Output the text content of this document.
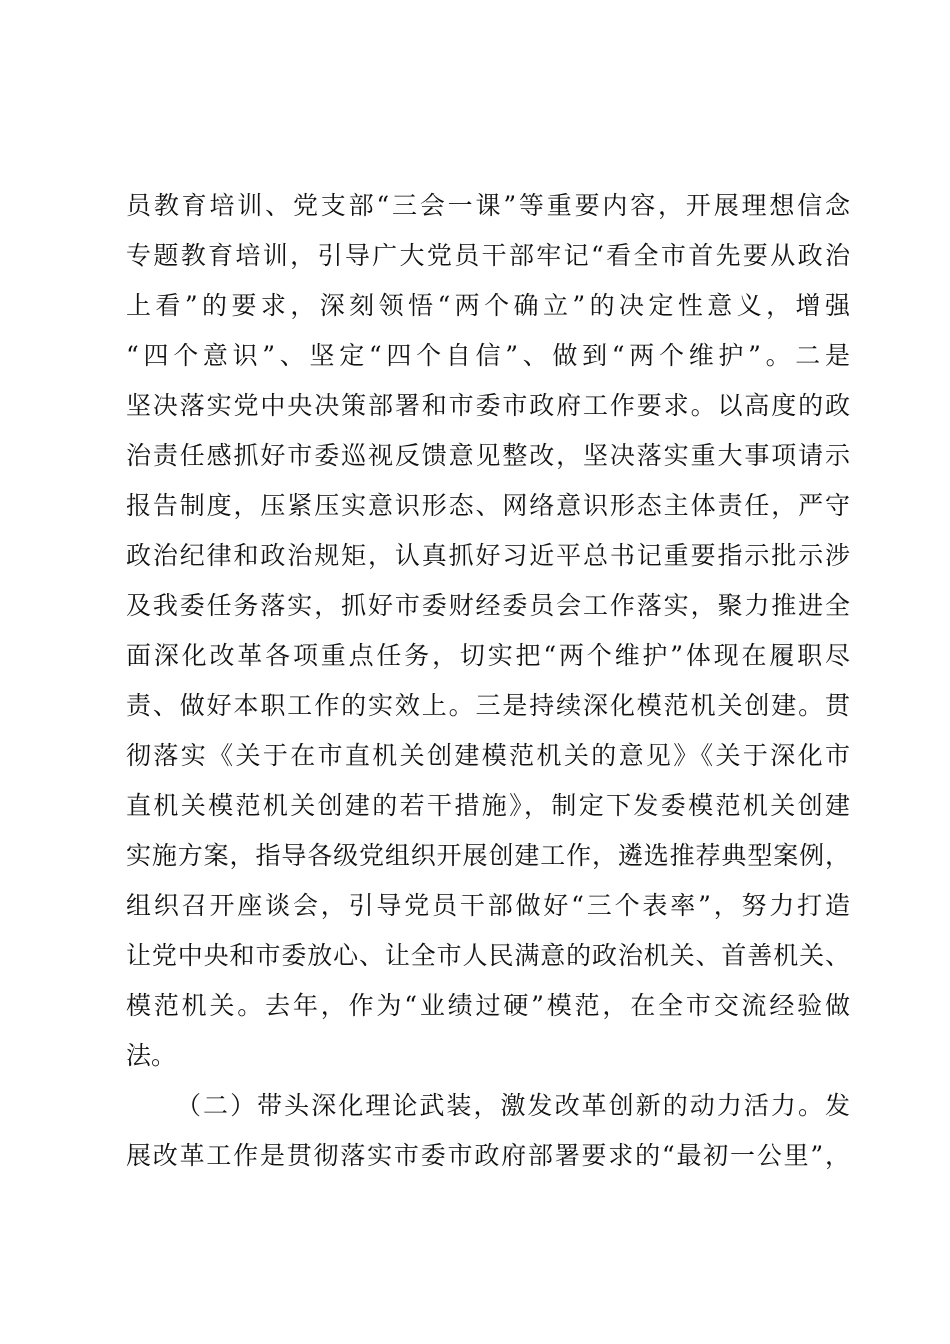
员教育培训、党支部“三会一课”等重要内容，开展理想信念
专题教育培训，引导广大党员干部牢记“看全市首先要从政治
上看”的要求，深刻领悟“两个确立”的决定性意义，增强
“四个意识”、坚定“四个自信”、做到“两个维护”。二是
坚决落实党中央决策部署和市委市政府工作要求。以高度的政
治责任感抓好市委巡视反馈意见整改，坚决落实重大事项请示
报告制度，压紧压实意识形态、网络意识形态主体责任，严守
政治纪律和政治规矩，认真抓好习近平总书记重要指示批示涉
及我委任务落实，抓好市委财经委员会工作落实，聚力推进全
面深化改革各项重点任务，切实把“两个维护”体现在履职尽
责、做好本职工作的实效上。三是持续深化模范机关创建。贯
彻落实《关于在市直机关创建模范机关的意见》《关于深化市
直机关模范机关创建的若干措施》，制定下发委模范机关创建
实施方案，指导各级党组织开展创建工作，遴选推荐典型案例，
组织召开座谈会，引导党员干部做好“三个表率”，努力打造
让党中央和市委放心、让全市人民满意的政治机关、首善机关、
模范机关。去年，作为“业绩过硬”模范，在全市交流经验做
法。
（二）带头深化理论武装，激发改革创新的动力活力。发
展改革工作是贯彻落实市委市政府部署要求的“最初一公里”，
